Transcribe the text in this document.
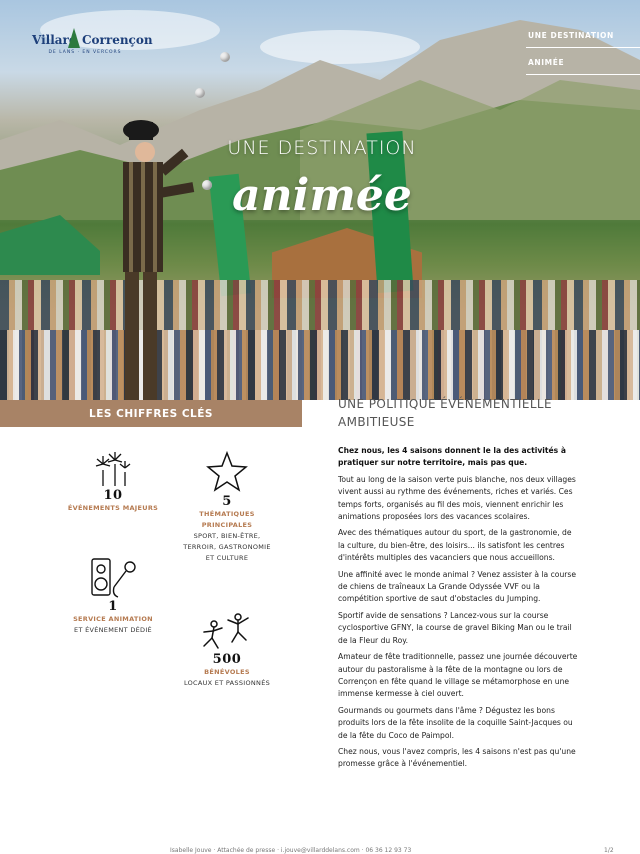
UNE DESTINATION
animée
Villard Corrençon
DE LANS · EN VERCORS
UNE DESTINATION
ANIMÉE
LES CHIFFRES CLÉS
10
ÉVÉNEMENTS MAJEURS	5
THÉMATIQUES PRINCIPALES
SPORT, BIEN-ÊTRE, TERROIR, GASTRONOMIE ET CULTURE
1
SERVICE ANIMATION
ET ÉVÉNEMENT DÉDIÉ
500
BÉNÉVOLES
LOCAUX ET PASSIONNÉS
UNE POLITIQUE ÉVÉNEMENTIELLE AMBITIEUSE

Chez nous, les 4 saisons donnent le la des activités à pratiquer sur notre territoire, mais pas que.

Tout au long de la saison verte puis blanche, nos deux villages vivent aussi au rythme des événements, riches et variés. Ces temps forts, organisés au fil des mois, viennent enrichir les animations proposées lors des vacances scolaires.

Avec des thématiques autour du sport, de la gastronomie, de la culture, du bien-être, des loisirs... ils satisfont les centres d'intérêts multiples des vacanciers que nous accueillons.

Une affinité avec le monde animal ? Venez assister à la course de chiens de traîneaux La Grande Odyssée VVF ou la compétition sportive de saut d'obstacles du Jumping.

Sportif avide de sensations ? Lancez-vous sur la course cyclosportive GFNY, la course de gravel Biking Man ou le trail de la Fleur du Roy.

Amateur de fête traditionnelle, passez une journée découverte autour du pastoralisme à la fête de la montagne ou lors de Corrençon en fête quand le village se métamorphose en une immense kermesse à ciel ouvert.

Gourmands ou gourmets dans l'âme ? Dégustez les bons produits lors de la fête insolite de la coquille Saint-Jacques ou de la fête du Coco de Paimpol.

Chez nous, vous l'avez compris, les 4 saisons n'est pas qu'une promesse grâce à l'événementiel.

Isabelle Jouve · Attachée de presse · i.jouve@villarddelans.com · 06 36 12 93 73	1/2
